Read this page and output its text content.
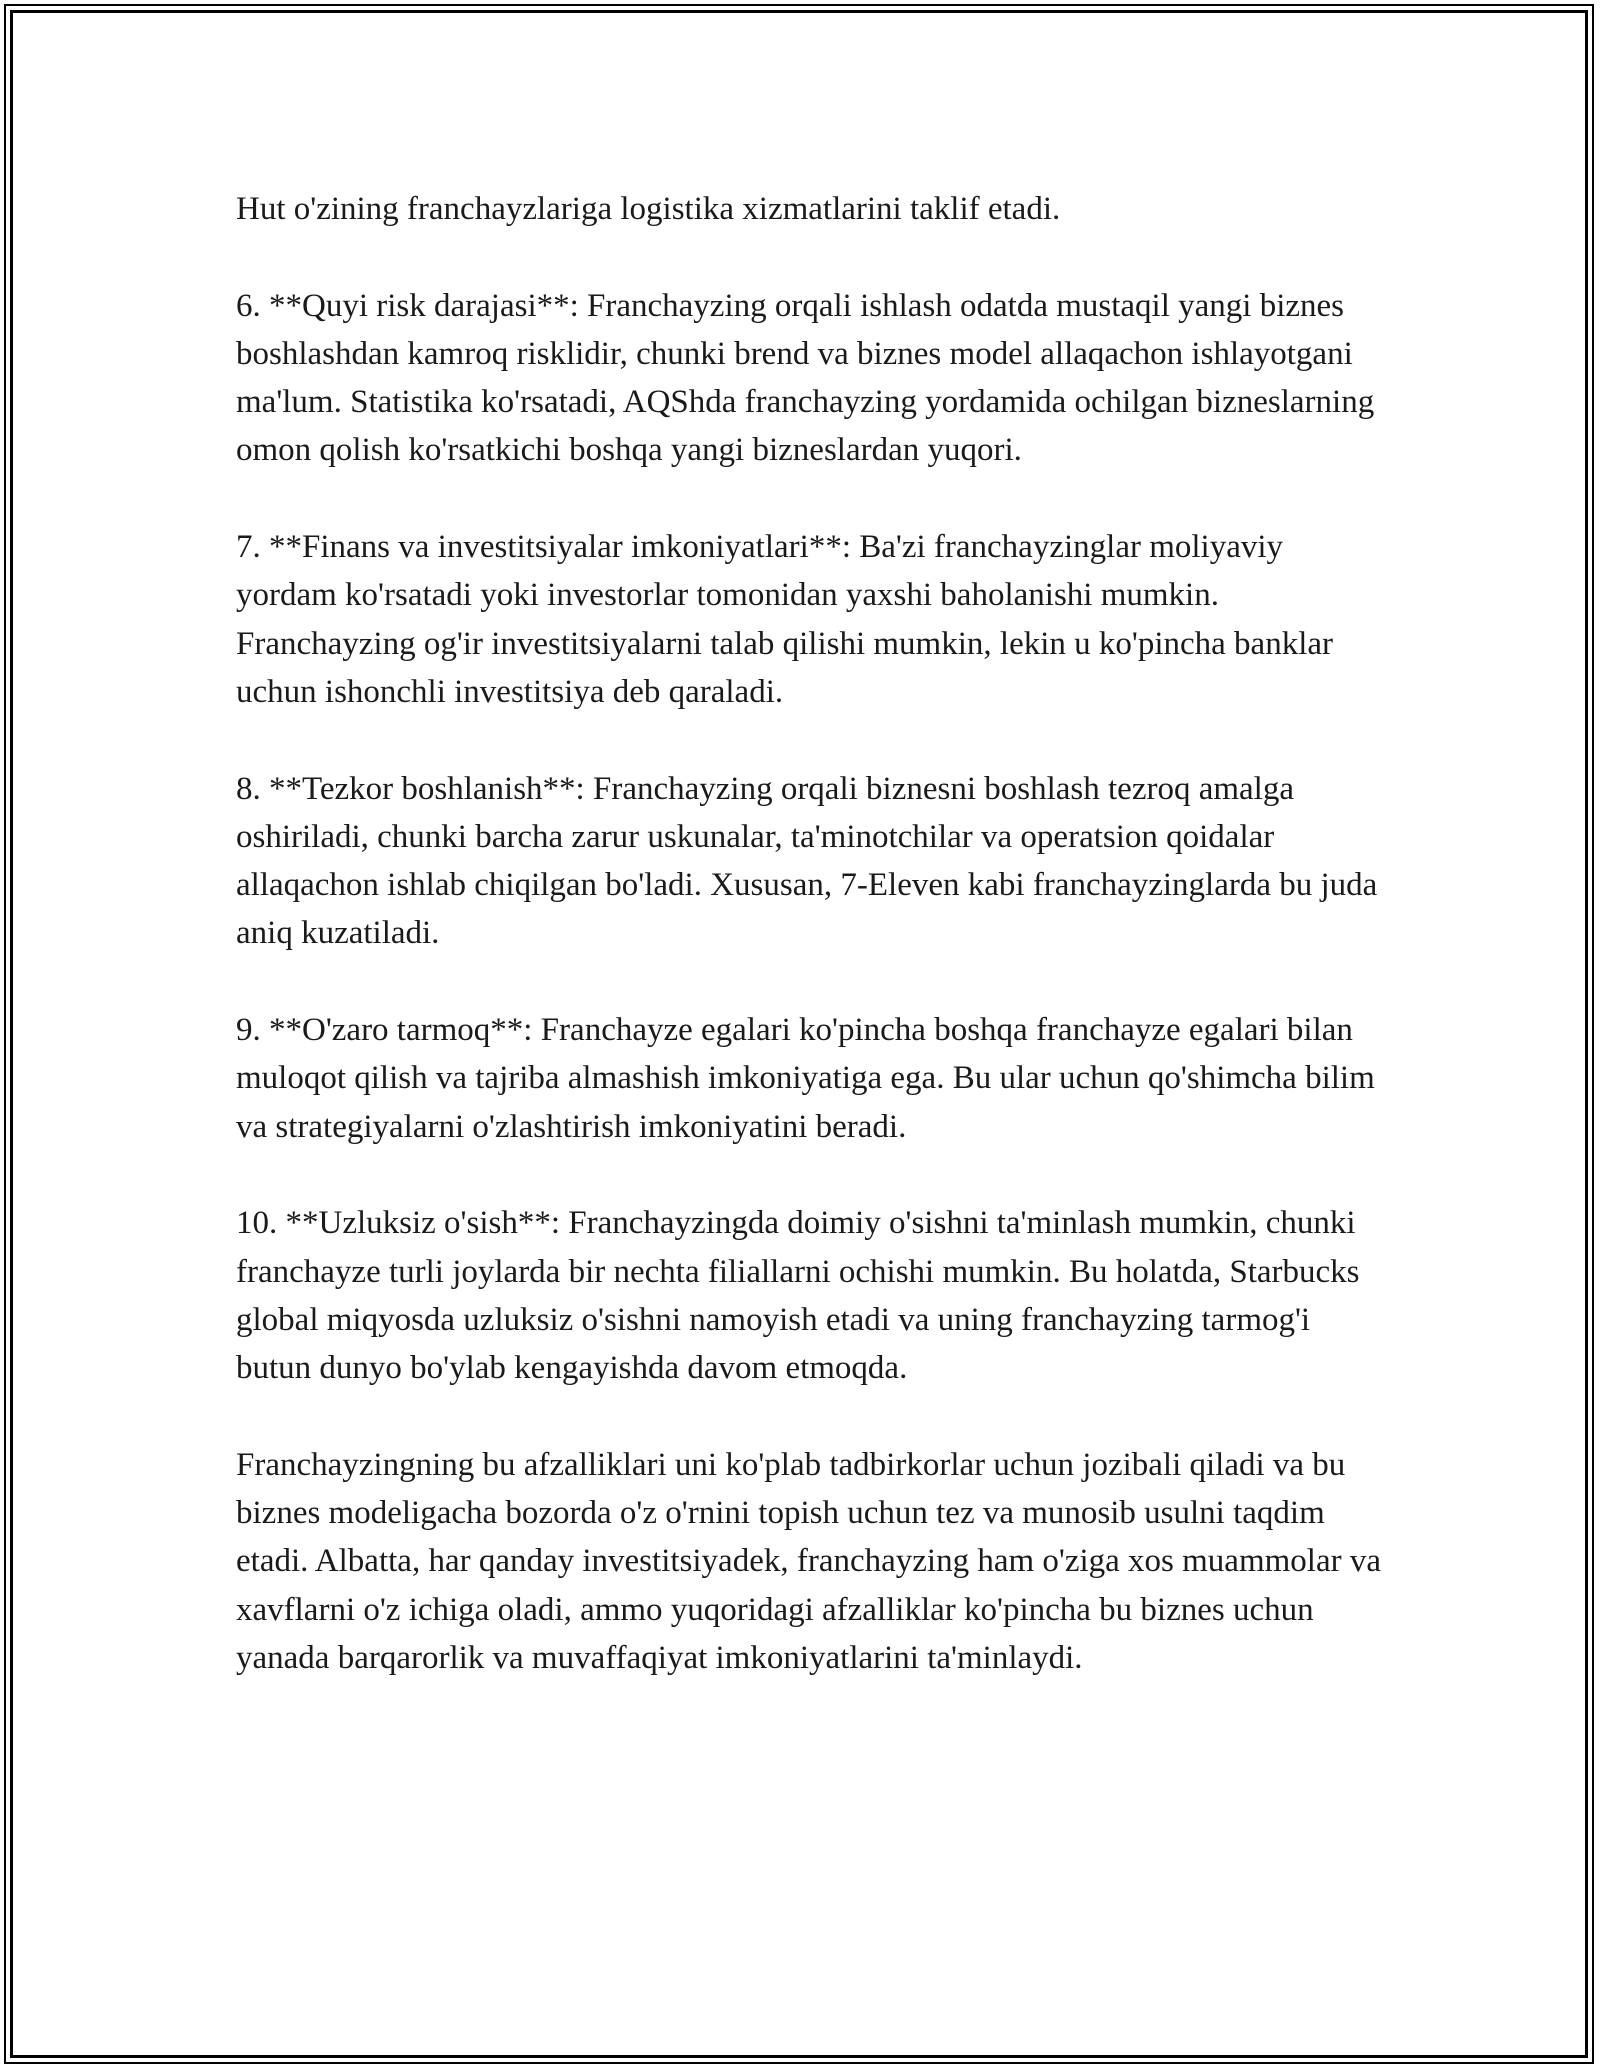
Hut o'zining franchayzlariga logistika xizmatlarini taklif etadi.

6. **Quyi risk darajasi**: Franchayzing orqali ishlash odatda mustaqil yangi biznes boshlashdan kamroq risklidir, chunki brend va biznes model allaqachon ishlayotgani ma'lum. Statistika ko'rsatadi, AQShda franchayzing yordamida ochilgan bizneslarning omon qolish ko'rsatkichi boshqa yangi bizneslardan yuqori.

7. **Finans va investitsiyalar imkoniyatlari**: Ba'zi franchayzinglar moliyaviy yordam ko'rsatadi yoki investorlar tomonidan yaxshi baholanishi mumkin. Franchayzing og'ir investitsiyalarni talab qilishi mumkin, lekin u ko'pincha banklar uchun ishonchli investitsiya deb qaraladi.

8. **Tezkor boshlanish**: Franchayzing orqali biznesni boshlash tezroq amalga oshiriladi, chunki barcha zarur uskunalar, ta'minotchilar va operatsion qoidalar allaqachon ishlab chiqilgan bo'ladi. Xususan, 7-Eleven kabi franchayzinglarda bu juda aniq kuzatiladi.

9. **O'zaro tarmoq**: Franchayze egalari ko'pincha boshqa franchayze egalari bilan muloqot qilish va tajriba almashish imkoniyatiga ega. Bu ular uchun qo'shimcha bilim va strategiyalarni o'zlashtirish imkoniyatini beradi.

10. **Uzluksiz o'sish**: Franchayzingda doimiy o'sishni ta'minlash mumkin, chunki franchayze turli joylarda bir nechta filiallarni ochishi mumkin. Bu holatda, Starbucks global miqyosda uzluksiz o'sishni namoyish etadi va uning franchayzing tarmog'i butun dunyo bo'ylab kengayishda davom etmoqda.

Franchayzingning bu afzalliklari uni ko'plab tadbirkorlar uchun jozibali qiladi va bu biznes modeligacha bozorda o'z o'rnini topish uchun tez va munosib usulni taqdim etadi. Albatta, har qanday investitsiyadek, franchayzing ham o'ziga xos muammolar va xavflarni o'z ichiga oladi, ammo yuqoridagi afzalliklar ko'pincha bu biznes uchun yanada barqarorlik va muvaffaqiyat imkoniyatlarini ta'minlaydi.
